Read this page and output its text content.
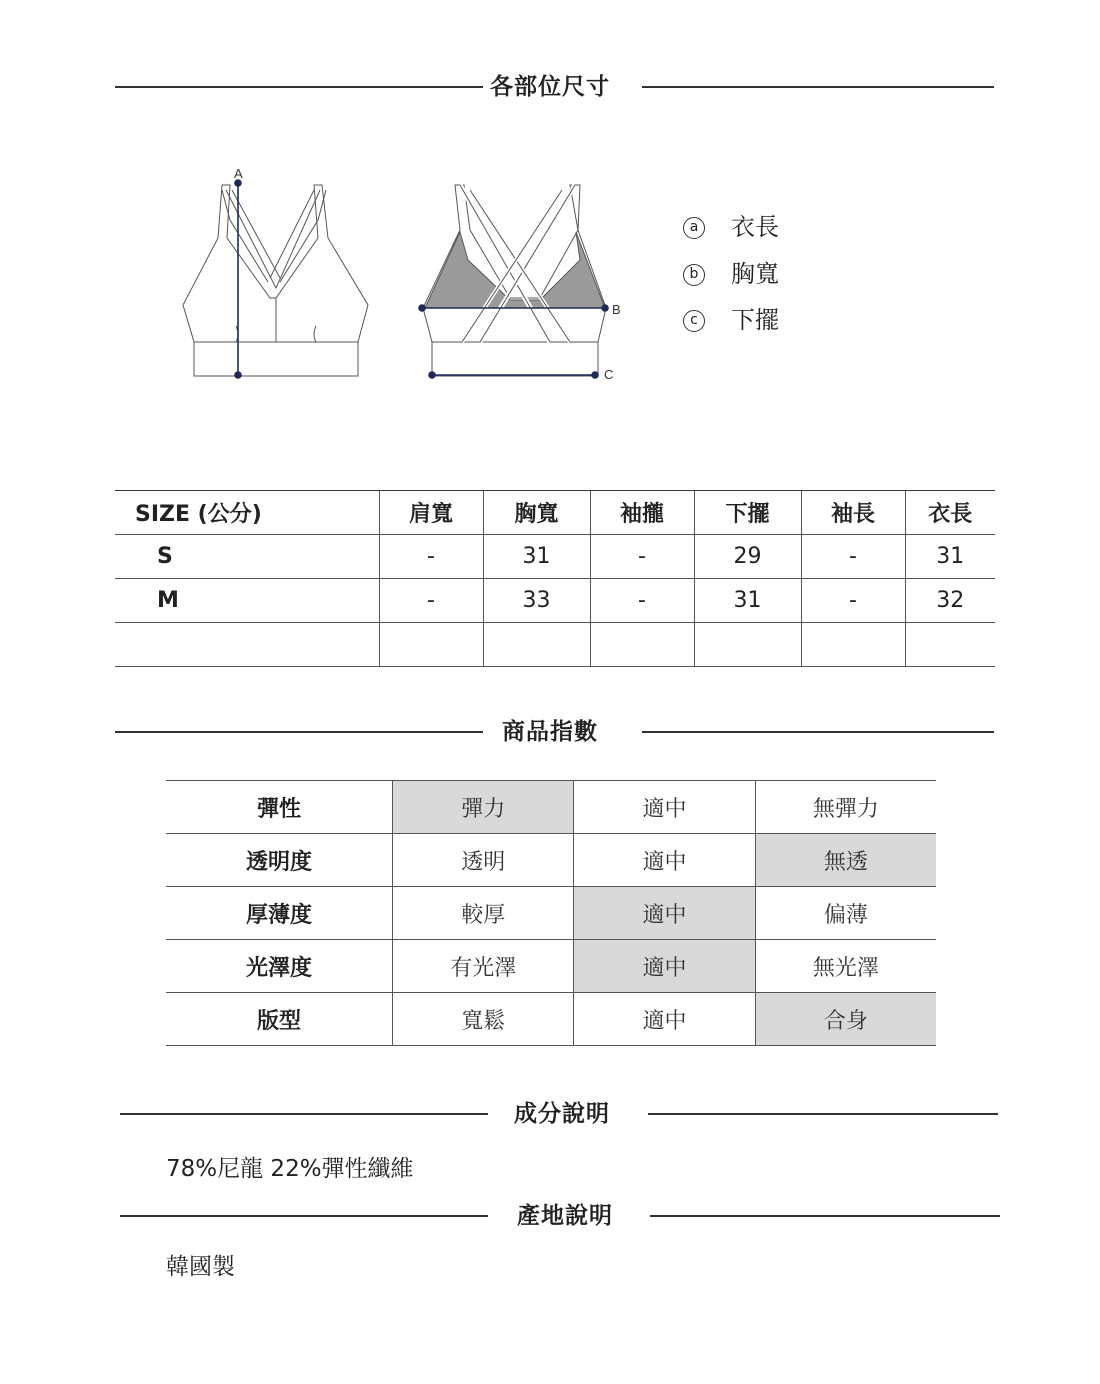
各部位尺寸
A
B
C
a 衣長
b 胸寬
c 下擺
SIZE (公分)	肩寬	胸寬	袖攏	下擺	袖長	衣長
S	-	31	-	29	-	31
M	-	33	-	31	-	32

商品指數
彈性	彈力	適中	無彈力
透明度	透明	適中	無透
厚薄度	較厚	適中	偏薄
光澤度	有光澤	適中	無光澤
版型	寬鬆	適中	合身
成分說明
78%尼龍 22%彈性纖維
產地說明
韓國製
